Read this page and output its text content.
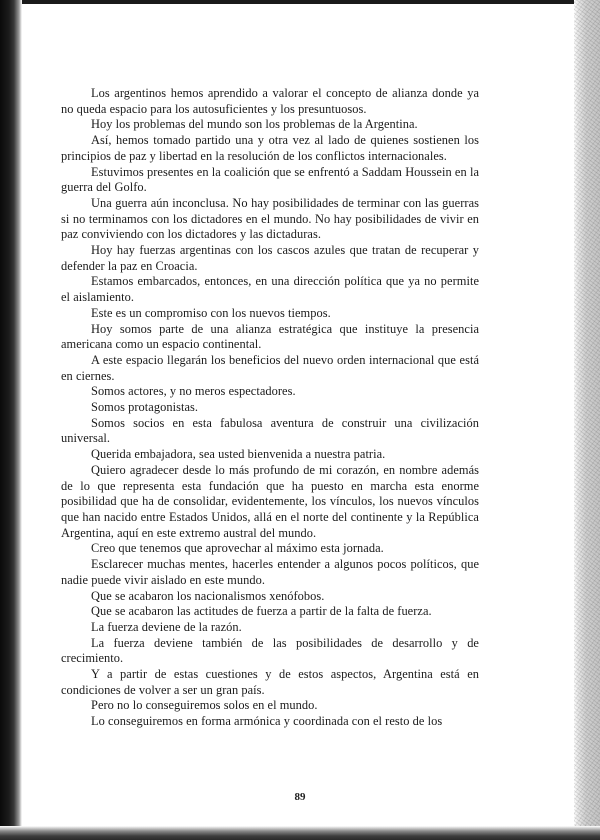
Los argentinos hemos aprendido a valorar el concepto de alianza donde ya no queda espacio para los autosuficientes y los presuntuosos.

Hoy los problemas del mundo son los problemas de la Argentina.

Así, hemos tomado partido una y otra vez al lado de quienes sostienen los principios de paz y libertad en la resolución de los conflictos internacionales.

Estuvimos presentes en la coalición que se enfrentó a Saddam Houssein en la guerra del Golfo.

Una guerra aún inconclusa. No hay posibilidades de terminar con las guerras si no terminamos con los dictadores en el mundo. No hay posibilidades de vivir en paz conviviendo con los dictadores y las dictaduras.

Hoy hay fuerzas argentinas con los cascos azules que tratan de recuperar y defender la paz en Croacia.

Estamos embarcados, entonces, en una dirección política que ya no permite el aislamiento.

Este es un compromiso con los nuevos tiempos.

Hoy somos parte de una alianza estratégica que instituye la presencia americana como un espacio continental.

A este espacio llegarán los beneficios del nuevo orden internacional que está en ciernes.

Somos actores, y no meros espectadores.

Somos protagonistas.

Somos socios en esta fabulosa aventura de construir una civilización universal.

Querida embajadora, sea usted bienvenida a nuestra patria.

Quiero agradecer desde lo más profundo de mi corazón, en nombre además de lo que representa esta fundación que ha puesto en marcha esta enorme posibilidad que ha de consolidar, evidentemente, los vínculos, los nuevos vínculos que han nacido entre Estados Unidos, allá en el norte del continente y la República Argentina, aquí en este extremo austral del mundo.

Creo que tenemos que aprovechar al máximo esta jornada.

Esclarecer muchas mentes, hacerles entender a algunos pocos políticos, que nadie puede vivir aislado en este mundo.

Que se acabaron los nacionalismos xenófobos.

Que se acabaron las actitudes de fuerza a partir de la falta de fuerza.

La fuerza deviene de la razón.

La fuerza deviene también de las posibilidades de desarrollo y de crecimiento.

Y a partir de estas cuestiones y de estos aspectos, Argentina está en condiciones de volver a ser un gran país.

Pero no lo conseguiremos solos en el mundo.

Lo conseguiremos en forma armónica y coordinada con el resto de los

89
